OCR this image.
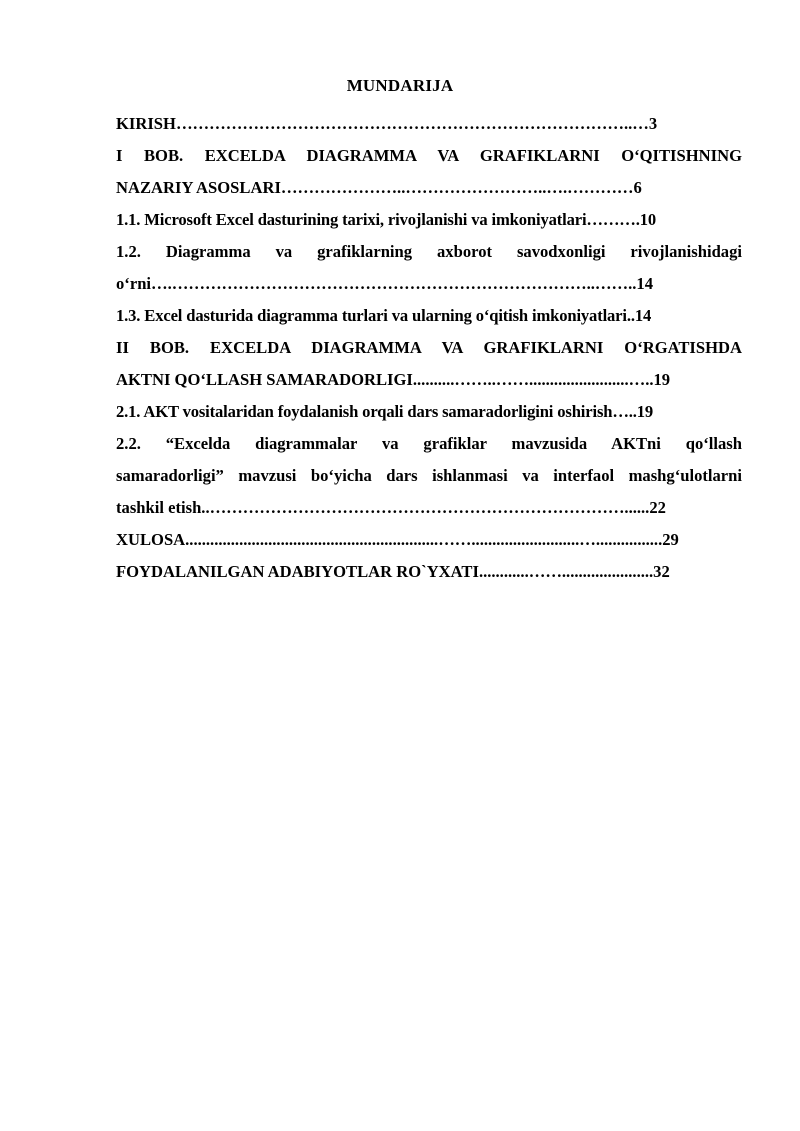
MUNDARIJA
KIRISH………………………………………………………………………..…3
I BOB. EXCELDA DIAGRAMMA VA GRAFIKLARNI O‘QITISHNING
NAZARIY ASOSLARI…………………..……………………..….…………6
1.1. Microsoft Excel dasturining tarixi, rivojlanishi va imkoniyatlari……….10
1.2. Diagramma va grafiklarning axborot savodxonligi rivojlanishidagi
o‘rni….…………………………………………………………………..……..14
1.3. Excel dasturida diagramma turlari va ularning o‘qitish imkoniyatlari..14
II BOB. EXCELDA DIAGRAMMA VA GRAFIKLARNI O‘RGATISHDA
AKTNI QO‘LLASH SAMARADORLIGI..........……..……........................…..19
2.1. AKT vositalaridan foydalanish orqali dars samaradorligini oshirish…..19
2.2. “Excelda diagrammalar va grafiklar mavzusida AKTni qo‘llash
samaradorligi” mavzusi bo‘yicha dars ishlanmasi va interfaol mashg‘ulotlarni
tashkil etish..…………………………………………………………………......22
XULOSA.............................................................……..........................…................29
FOYDALANILGAN ADABIYOTLAR RO`YXATI............……......................32
